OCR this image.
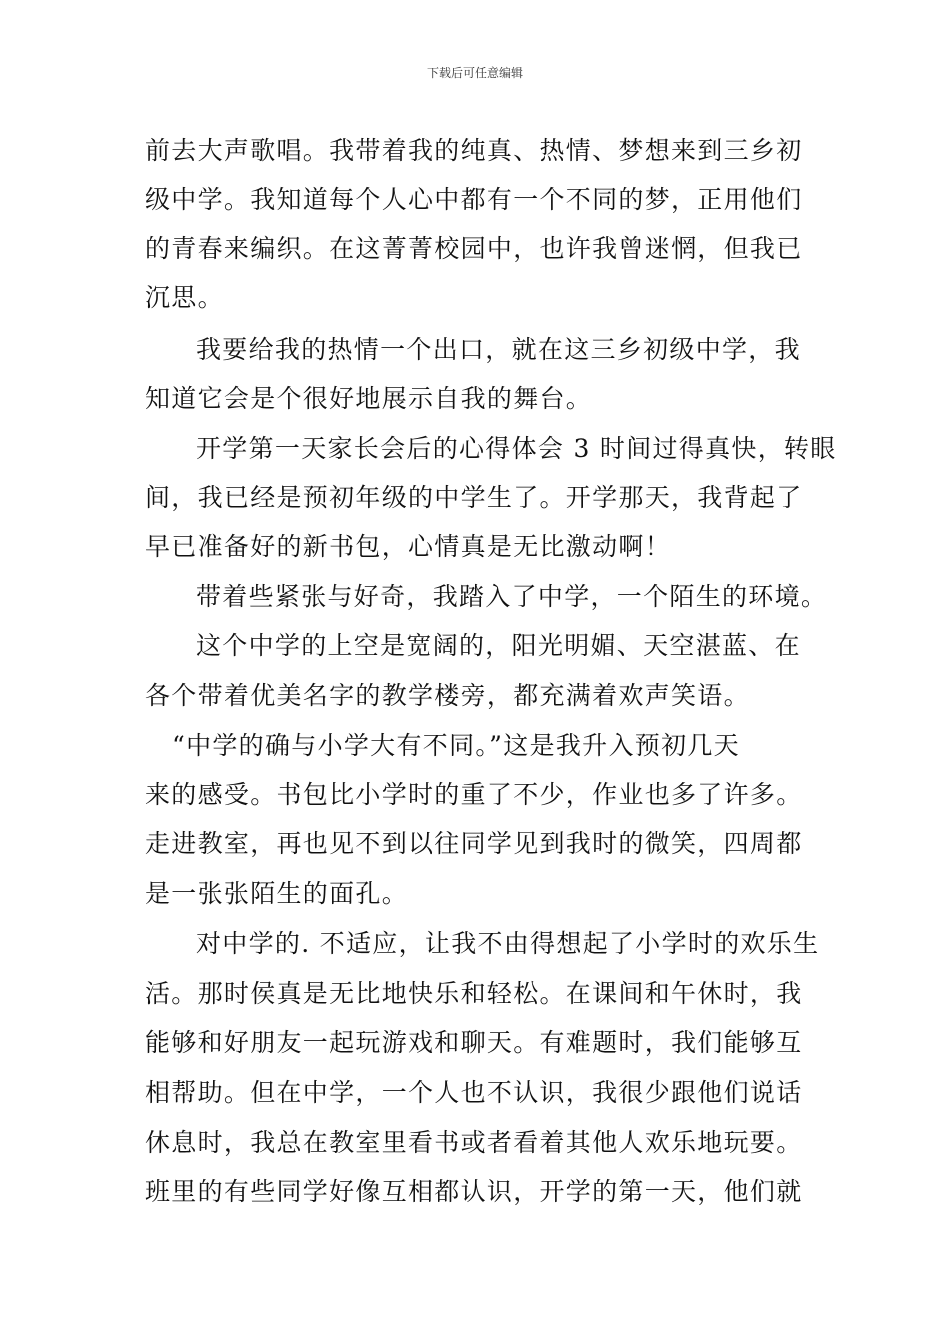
下载后可任意编辑
前去大声歌唱。我带着我的纯真、热情、梦想来到三乡初
级中学。我知道每个人心中都有一个不同的梦，正用他们
的青春来编织。在这菁菁校园中，也许我曾迷惘，但我已
沉思。
我要给我的热情一个出口，就在这三乡初级中学，我
知道它会是个很好地展示自我的舞台。
开学第一天家长会后的心得体会 3 时间过得真快，转眼
间，我已经是预初年级的中学生了。开学那天，我背起了
早已准备好的新书包，心情真是无比激动啊！
带着些紧张与好奇，我踏入了中学，一个陌生的环境。
这个中学的上空是宽阔的，阳光明媚、天空湛蓝、在
各个带着优美名字的教学楼旁，都充满着欢声笑语。
“中学的确与小学大有不同。”这是我升入预初几天
来的感受。书包比小学时的重了不少，作业也多了许多。
走进教室，再也见不到以往同学见到我时的微笑，四周都
是一张张陌生的面孔。
对中学的. 不适应，让我不由得想起了小学时的欢乐生
活。那时侯真是无比地快乐和轻松。在课间和午休时，我
能够和好朋友一起玩游戏和聊天。有难题时，我们能够互
相帮助。但在中学，一个人也不认识，我很少跟他们说话
休息时，我总在教室里看书或者看着其他人欢乐地玩要。
班里的有些同学好像互相都认识，开学的第一天，他们就
